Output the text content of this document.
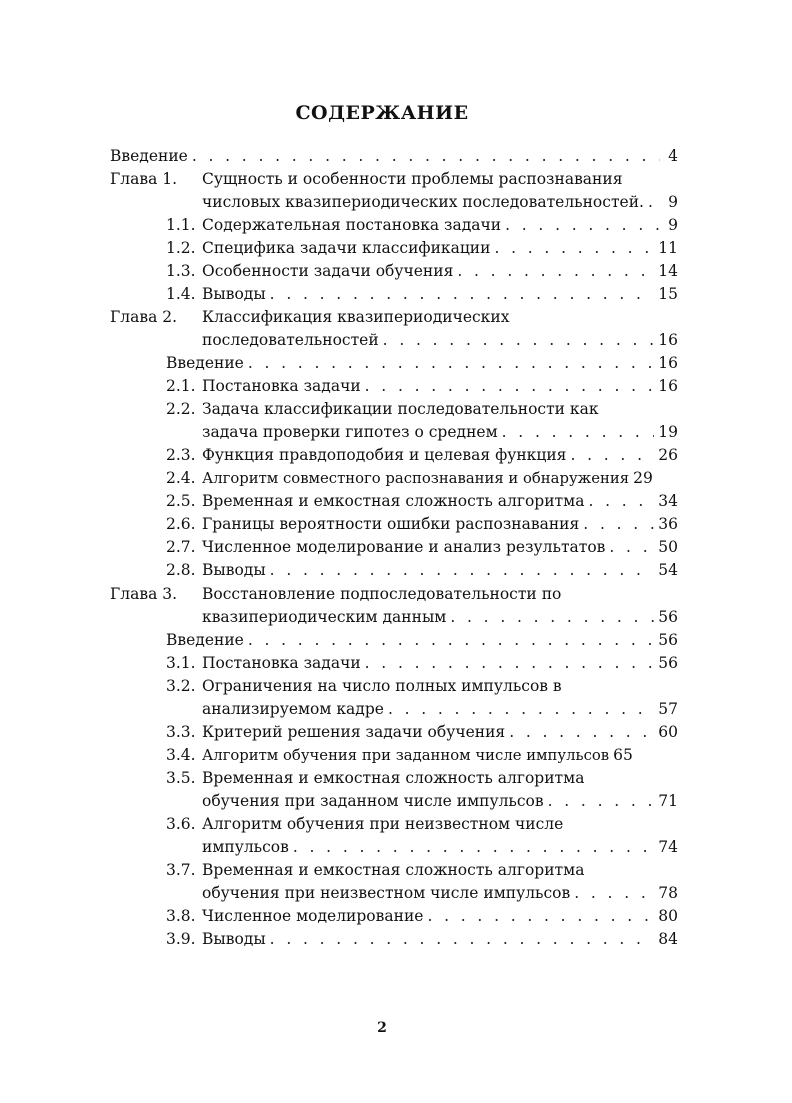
СОДЕРЖАНИЕ
Введение . . .	4
Глава 1.	Сущность и особенности проблемы распознавания
числовых квазипериодических последовательностей. . . . 9
1.1. Содержательная постановка задачи . . .	9
1.2. Специфика задачи классификации . . .	11
1.3. Особенности задачи обучения . . .	14
1.4. Выводы . . .	15
Глава 2.	Классификация квазипериодических
последовательностей . . .	16
Введение . . .	16
2.1. Постановка задачи . . .	16
2.2. Задача классификации последовательности как
задача проверки гипотез о среднем . . .	19
2.3. Функция правдоподобия и целевая функция . . .	26
2.4. Алгоритм совместного распознавания и обнаружения 29
2.5. Временная и емкостная сложность алгоритма . . .	34
2.6. Границы вероятности ошибки распознавания . . .	36
2.7. Численное моделирование и анализ результатов . . .	50
2.8. Выводы . . .	54
Глава 3.	Восстановление подпоследовательности по
квазипериодическим данным . . .	56
Введение . . .	56
3.1. Постановка задачи . . .	56
3.2. Ограничения на число полных импульсов в
анализируемом кадре . . .	57
3.3. Критерий решения задачи обучения . . .	60
3.4. Алгоритм обучения при заданном числе импульсов 65
3.5. Временная и емкостная сложность алгоритма
обучения при заданном числе импульсов . . .	71
3.6. Алгоритм обучения при неизвестном числе
импульсов . . .	74
3.7. Временная и емкостная сложность алгоритма
обучения при неизвестном числе импульсов . . .	78
3.8. Численное моделирование . . .	80
3.9. Выводы . . .	84
2
